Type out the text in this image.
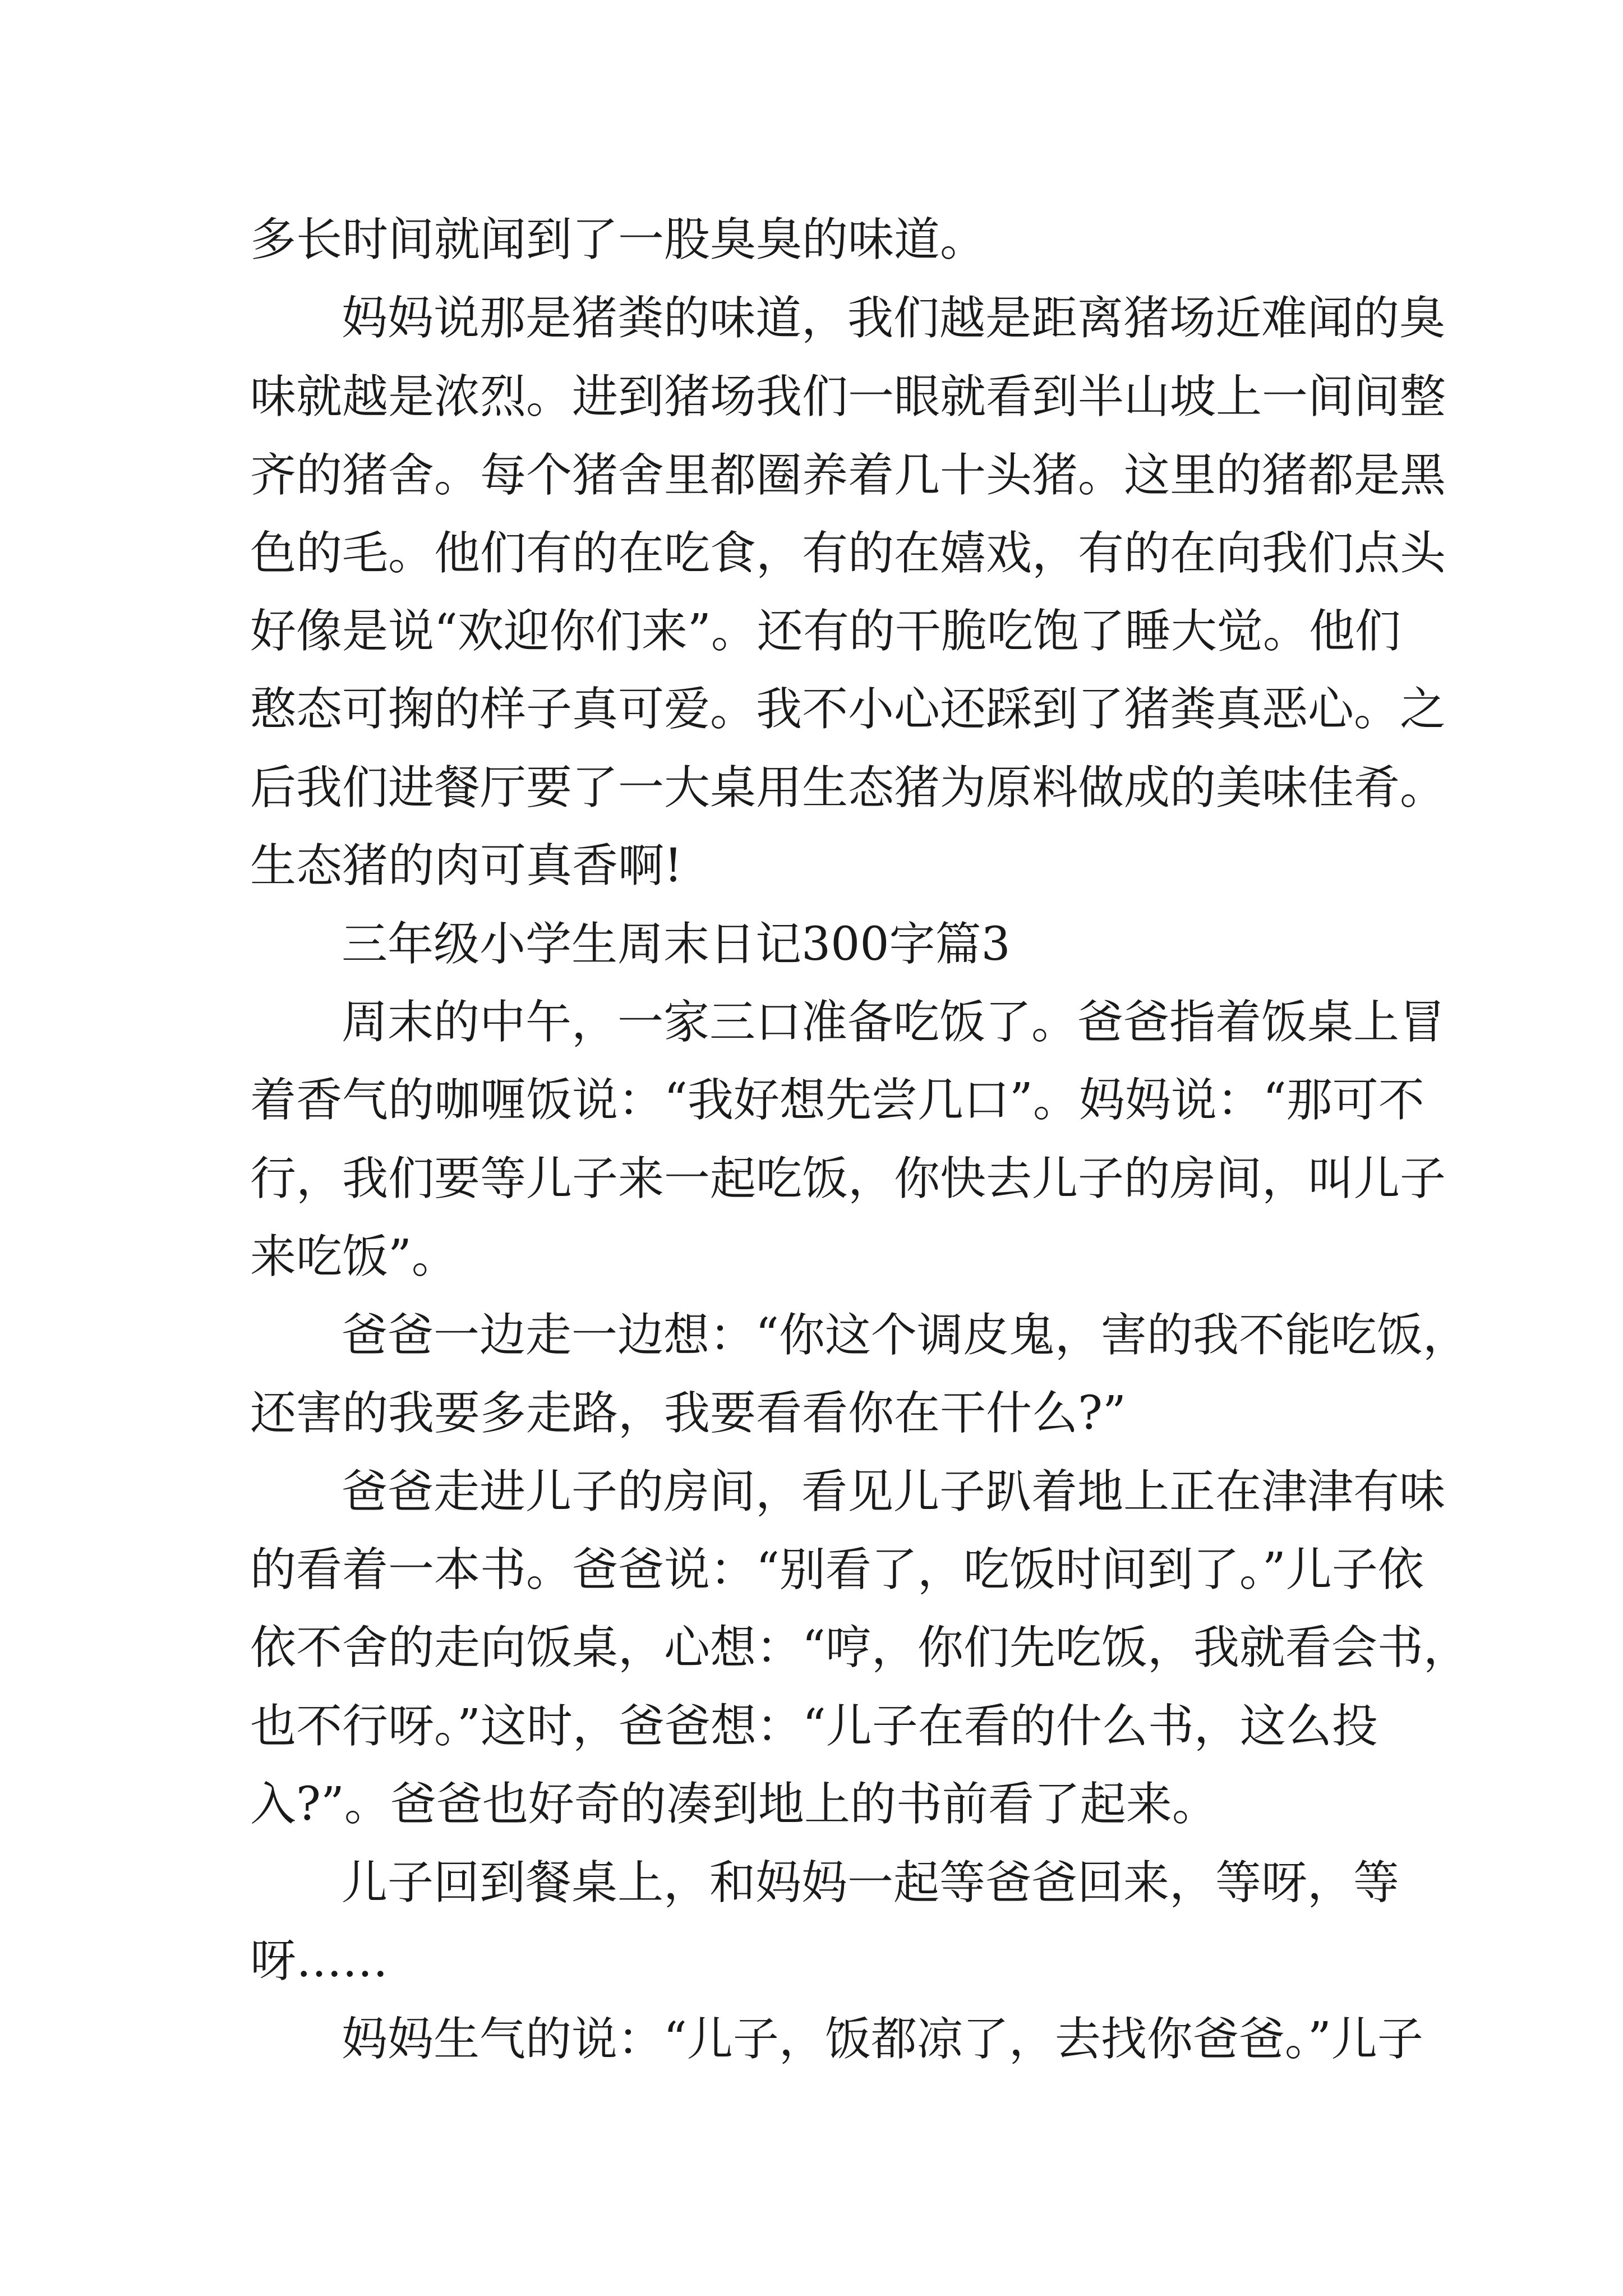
多长时间就闻到了一股臭臭的味道。

妈妈说那是猪粪的味道，我们越是距离猪场近难闻的臭

味就越是浓烈。进到猪场我们一眼就看到半山坡上一间间整

齐的猪舍。每个猪舍里都圈养着几十头猪。这里的猪都是黑

色的毛。他们有的在吃食，有的在嬉戏，有的在向我们点头

好像是说“欢迎你们来”。还有的干脆吃饱了睡大觉。他们

憨态可掬的样子真可爱。我不小心还踩到了猪粪真恶心。之

后我们进餐厅要了一大桌用生态猪为原料做成的美味佳肴。

生态猪的肉可真香啊!

三年级小学生周末日记300字篇3

周末的中午，一家三口准备吃饭了。爸爸指着饭桌上冒

着香气的咖喱饭说：“我好想先尝几口”。妈妈说：“那可不

行，我们要等儿子来一起吃饭，你快去儿子的房间，叫儿子

来吃饭”。

爸爸一边走一边想：“你这个调皮鬼，害的我不能吃饭，

还害的我要多走路，我要看看你在干什么?”

爸爸走进儿子的房间，看见儿子趴着地上正在津津有味

的看着一本书。爸爸说：“别看了，吃饭时间到了。”儿子依

依不舍的走向饭桌，心想：“哼，你们先吃饭，我就看会书，

也不行呀。”这时，爸爸想：“儿子在看的什么书，这么投

入?”。爸爸也好奇的凑到地上的书前看了起来。

儿子回到餐桌上，和妈妈一起等爸爸回来，等呀，等

呀……

妈妈生气的说：“儿子，饭都凉了，去找你爸爸。”儿子
